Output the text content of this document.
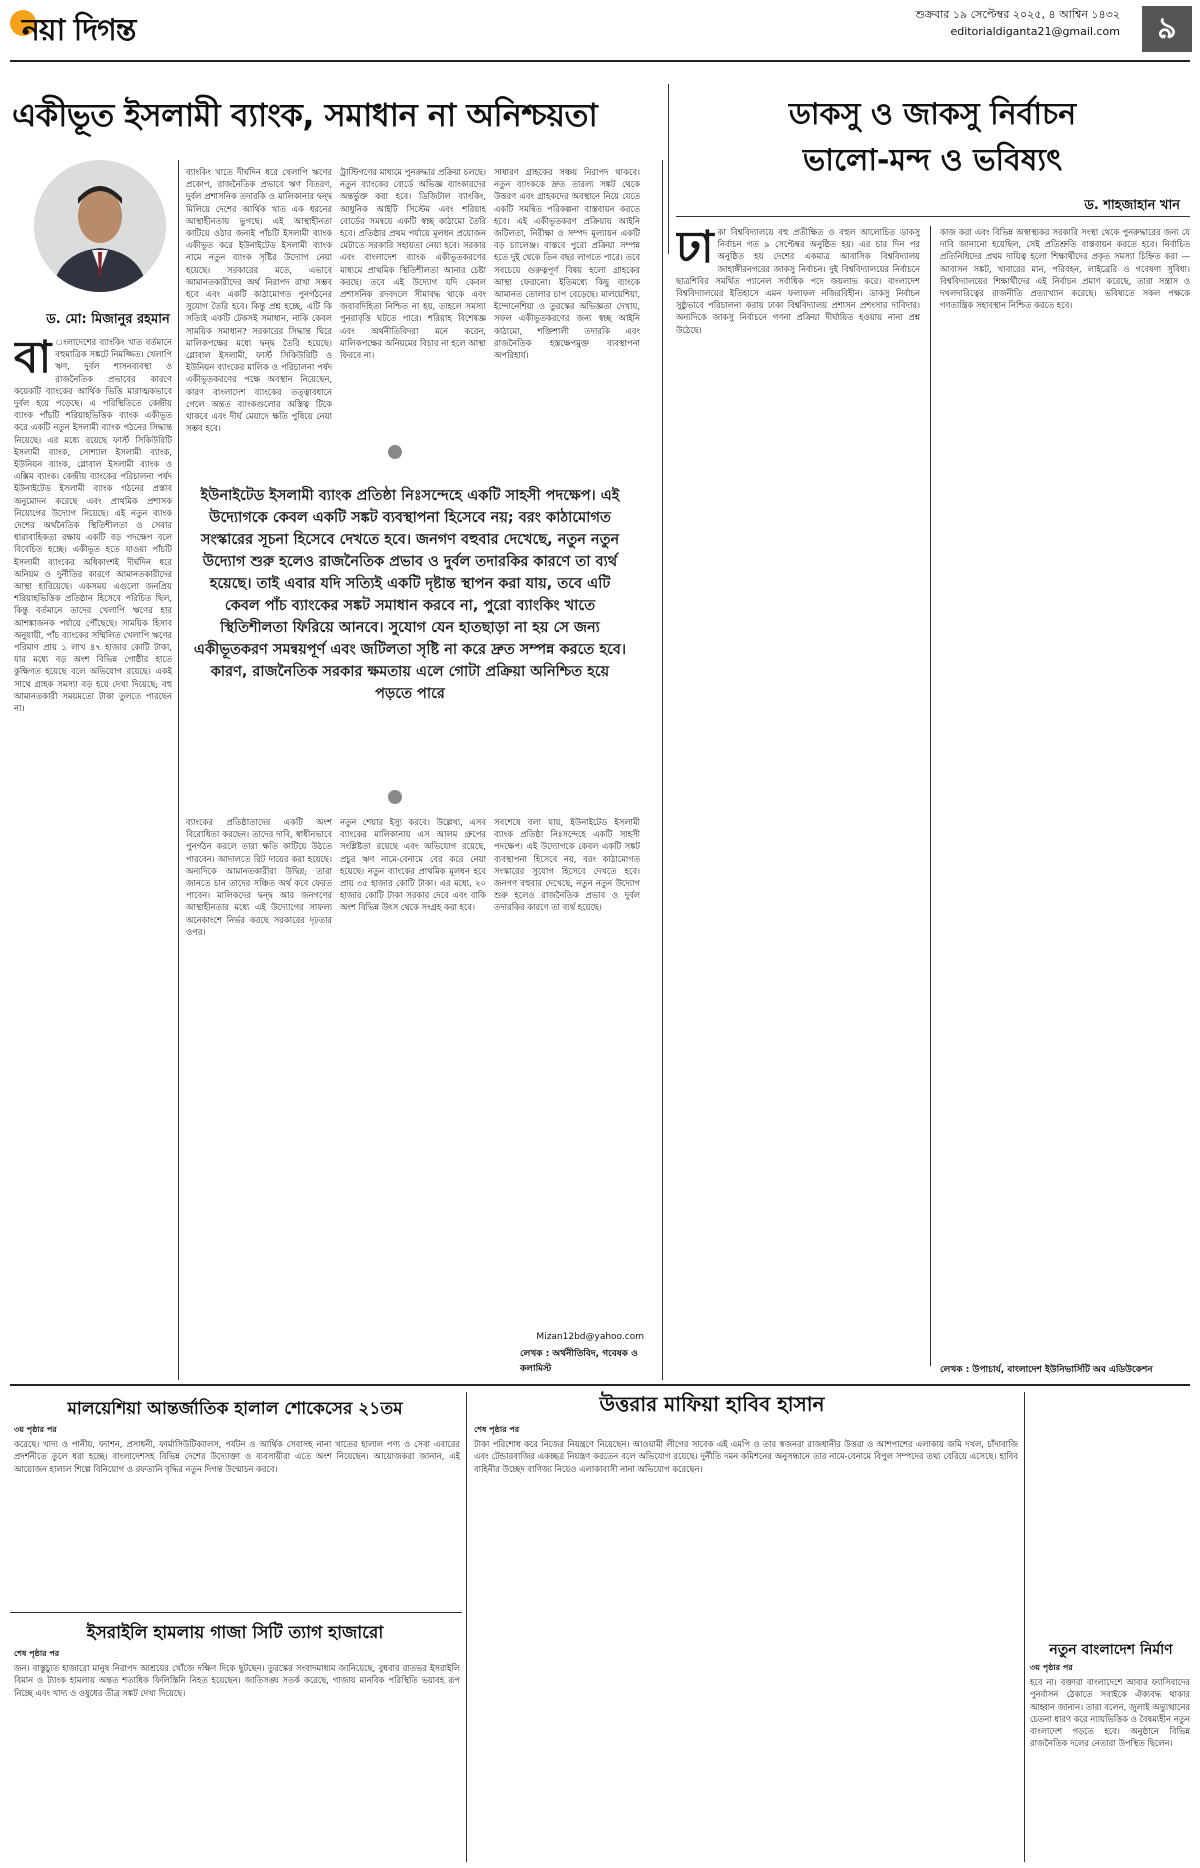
নয়া দিগন্ত	শুক্রবার ১৯ সেপ্টেম্বর ২০২৫, ৪ আশ্বিন ১৪৩২
editorialdiganta21@gmail.com	৯
একীভূত ইসলামী ব্যাংক, সমাধান না অনিশ্চয়তা
ড. মো: মিজানুর রহমান
বা ংলাদেশের ব্যাংকিং খাত বর্তমানে বহুমাত্রিক সঙ্কটে নিমজ্জিত। খেলাপি ঋণ, দুর্বল শাসনব্যবস্থা ও রাজনৈতিক প্রভাবের কারণে কয়েকটি ব্যাংকের আর্থিক ভিত্তি মারাত্মকভাবে দুর্বল হয়ে পড়েছে। এ পরিস্থিতিতে কেন্দ্রীয় ব্যাংক পাঁচটি শরিয়াহভিত্তিক ব্যাংক একীভূত করে একটি নতুন ইসলামী ব্যাংক গঠনের সিদ্ধান্ত নিয়েছে। এর মধ্যে রয়েছে ফার্স্ট সিকিউরিটি ইসলামী ব্যাংক, সোশ্যাল ইসলামী ব্যাংক, ইউনিয়ন ব্যাংক, গ্লোবাল ইসলামী ব্যাংক ও এক্সিম ব্যাংক। কেন্দ্রীয় ব্যাংকের পরিচালনা পর্ষদ ইউনাইটেড ইসলামী ব্যাংক গঠনের প্রস্তাব অনুমোদন করেছে এবং প্রাথমিক প্রশাসক নিয়োগের উদ্যোগ নিয়েছে। এই নতুন ব্যাংক দেশের অর্থনৈতিক স্থিতিশীলতা ও সেবার ধারাবাহিকতা রক্ষায় একটি বড় পদক্ষেপ বলে বিবেচিত হচ্ছে। একীভূত হতে যাওয়া পাঁচটি ইসলামী ব্যাংকের অধিকাংশই দীর্ঘদিন ধরে অনিয়ম ও দুর্নীতির কারণে আমানতকারীদের আস্থা হারিয়েছে। একসময় এগুলো জনপ্রিয় শরিয়াহভিত্তিক প্রতিষ্ঠান হিসেবে পরিচিত ছিল, কিন্তু বর্তমানে তাদের খেলাপি ঋণের হার আশঙ্কাজনক পর্যায়ে পৌঁছেছে। সাময়িক হিসাব অনুযায়ী, পাঁচ ব্যাংকের সম্মিলিত খেলাপি ঋণের পরিমাণ প্রায় ১ লাখ ৪৭ হাজার কোটি টাকা, যার মধ্যে বড় অংশ বিভিন্ন গোষ্ঠীর হাতে কুক্ষিগত হয়েছে বলে অভিযোগ রয়েছে। একই সাথে গ্রাহক সমস্যা বড় হয়ে দেখা দিয়েছে; বহু আমানতকারী সময়মতো টাকা তুলতে পারছেন না।
ব্যাংকিং খাতে দীর্ঘদিন ধরে খেলাপি ঋণের প্রকোপ, রাজনৈতিক প্রভাবে ঋণ বিতরণ, দুর্বল প্রশাসনিক তদারকি ও মালিকানার দ্বন্দ্ব মিলিয়ে দেশের আর্থিক খাত এক ধরনের আস্থাহীনতায় ভুগছে। এই আস্থাহীনতা কাটিয়ে ওঠার জন্যই পাঁচটি ইসলামী ব্যাংক একীভূত করে ইউনাইটেড ইসলামী ব্যাংক নামে নতুন ব্যাংক সৃষ্টির উদ্যোগ নেয়া হয়েছে। সরকারের মতে, এভাবে আমানতকারীদের অর্থ নিরাপদ রাখা সম্ভব হবে এবং একটি কাঠামোগত পুনর্গঠনের সুযোগ তৈরি হবে। কিন্তু প্রশ্ন হচ্ছে, এটি কি সত্যিই একটি টেকসই সমাধান, নাকি কেবল সাময়িক সমাধান? সরকারের সিদ্ধান্ত ঘিরে মালিকপক্ষের মধ্যে দ্বন্দ্ব তৈরি হয়েছে। গ্লোবাল ইসলামী, ফার্স্ট সিকিউরিটি ও ইউনিয়ন ব্যাংকের মালিক ও পরিচালনা পর্ষদ একীভূতকরণের পক্ষে অবস্থান নিয়েছেন, কারণ বাংলাদেশ ব্যাংকের তত্ত্বাবধানে গেলে অন্তত ব্যাংকগুলোর অস্তিত্ব টিকে থাকবে এবং দীর্ঘ মেয়াদে ক্ষতি পুষিয়ে নেয়া সম্ভব হবে।
ট্রাস্টিগণের মাধ্যমে পুনরুদ্ধার প্রক্রিয়া চলছে। নতুন ব্যাংকের বোর্ডে অভিজ্ঞ ব্যাংকারদের অন্তর্ভুক্ত করা হবে। ডিজিটাল ব্যাংকিং, আধুনিক আইটি সিস্টেম এবং শরিয়াহ বোর্ডের সমন্বয়ে একটি স্বচ্ছ কাঠামো তৈরি হবে। প্রতিষ্ঠার প্রথম পর্যায়ে মূলধন প্রয়োজন মেটাতে সরকারি সহায়তা নেয়া হবে। সরকার এবং বাংলাদেশ ব্যাংক একীভূতকরণের মাধ্যমে প্রাথমিক স্থিতিশীলতা আনার চেষ্টা করছে। তবে এই উদ্যোগ যদি কেবল প্রশাসনিক রদবদলে সীমাবদ্ধ থাকে এবং জবাবদিহিতা নিশ্চিত না হয়, তাহলে সমস্যা পুনরাবৃত্তি ঘটতে পারে। শরিয়াহ বিশেষজ্ঞ এবং অর্থনীতিবিদরা মনে করেন, মালিকপক্ষের অনিয়মের বিচার না হলে আস্থা ফিরবে না।
সাধারণ গ্রাহকের সঞ্চয় নিরাপদ থাকবে। নতুন ব্যাংককে দ্রুত তারল্য সঙ্কট থেকে উত্তরণ এবং গ্রাহকদের অবস্থানে নিয়ে যেতে একটি সমন্বিত পরিকল্পনা বাস্তবায়ন করতে হবে। এই একীভূতকরণ প্রক্রিয়ায় আইনি জটিলতা, নিরীক্ষা ও সম্পদ মূল্যায়ন একটি বড় চ্যালেঞ্জ। বাস্তবে পুরো প্রক্রিয়া সম্পন্ন হতে দুই থেকে তিন বছর লাগতে পারে। তবে সবচেয়ে গুরুত্বপূর্ণ বিষয় হলো গ্রাহকের আস্থা ফেরানো। ইতিমধ্যে কিছু ব্যাংকে আমানত তোলার চাপ বেড়েছে। মালয়েশিয়া, ইন্দোনেশিয়া ও তুরস্কের অভিজ্ঞতা দেখায়, সফল একীভূতকরণের জন্য স্বচ্ছ আইনি কাঠামো, শক্তিশালী তদারকি এবং রাজনৈতিক হস্তক্ষেপমুক্ত ব্যবস্থাপনা অপরিহার্য।
ইউনাইটেড ইসলামী ব্যাংক প্রতিষ্ঠা নিঃসন্দেহে একটি সাহসী পদক্ষেপ। এই উদ্যোগকে কেবল একটি সঙ্কট ব্যবস্থাপনা হিসেবে নয়; বরং কাঠামোগত সংস্কারের সূচনা হিসেবে দেখতে হবে। জনগণ বহুবার দেখেছে, নতুন নতুন উদ্যোগ শুরু হলেও রাজনৈতিক প্রভাব ও দুর্বল তদারকির কারণে তা ব্যর্থ হয়েছে। তাই এবার যদি সত্যিই একটি দৃষ্টান্ত স্থাপন করা যায়, তবে এটি কেবল পাঁচ ব্যাংকের সঙ্কট সমাধান করবে না, পুরো ব্যাংকিং খাতে স্থিতিশীলতা ফিরিয়ে আনবে। সুযোগ যেন হাতছাড়া না হয় সে জন্য একীভূতকরণ সমন্বয়পূর্ণ এবং জটিলতা সৃষ্টি না করে দ্রুত সম্পন্ন করতে হবে। কারণ, রাজনৈতিক সরকার ক্ষমতায় এলে গোটা প্রক্রিয়া অনিশ্চিত হয়ে পড়তে পারে
ব্যাংকের প্রতিষ্ঠাতাদের একটি অংশ বিরোধিতা করছেন। তাদের দাবি, স্বাধীনভাবে পুনর্গঠন করলে তারা ক্ষতি কাটিয়ে উঠতে পারবেন। আদালতে রিট দায়ের করা হয়েছে। অন্যদিকে আমানতকারীরা উদ্বিগ্ন; তারা জানতে চান তাদের সঞ্চিত অর্থ কবে ফেরত পাবেন। মালিকদের দ্বন্দ্ব আর জনগণের আস্থাহীনতার মধ্যে এই উদ্যোগের সাফল্য অনেকাংশে নির্ভর করছে সরকারের দৃঢ়তার ওপর।
নতুন শেয়ার ইস্যু করবে। উল্লেখ্য, এসব ব্যাংকের মালিকানায় এস আলম গ্রুপের সংশ্লিষ্টতা রয়েছে এবং অভিযোগ রয়েছে, প্রচুর ঋণ নামে-বেনামে বের করে নেয়া হয়েছে। নতুন ব্যাংকের প্রাথমিক মূলধন হবে প্রায় ৩৫ হাজার কোটি টাকা। এর মধ্যে, ২০ হাজার কোটি টাকা সরকার দেবে এবং বাকি অংশ বিভিন্ন উৎস থেকে সংগ্রহ করা হবে।
সবশেষে বলা যায়, ইউনাইটেড ইসলামী ব্যাংক প্রতিষ্ঠা নিঃসন্দেহে একটি সাহসী পদক্ষেপ। এই উদ্যোগকে কেবল একটি সঙ্কট ব্যবস্থাপনা হিসেবে নয়, বরং কাঠামোগত সংস্কারের সুযোগ হিসেবে দেখতে হবে। জনগণ বহুবার দেখেছে, নতুন নতুন উদ্যোগ শুরু হলেও রাজনৈতিক প্রভাব ও দুর্বল তদারকির কারণে তা ব্যর্থ হয়েছে।
Mizan12bd@yahoo.com
লেখক : অর্থনীতিবিদ, গবেষক ও কলামিস্ট
ডাকসু ও জাকসু নির্বাচন
ভালো-মন্দ ও ভবিষ্যৎ
ড. শাহজাহান খান
ঢা কা বিশ্ববিদ্যালয়ে বহু প্রতীক্ষিত ও বহুল আলোচিত ডাকসু নির্বাচন গত ৯ সেপ্টেম্বর অনুষ্ঠিত হয়। এর চার দিন পর অনুষ্ঠিত হয় দেশের একমাত্র আবাসিক বিশ্ববিদ্যালয় জাহাঙ্গীরনগরের জাকসু নির্বাচন। দুই বিশ্ববিদ্যালয়ের নির্বাচনে ছাত্রশিবির সমর্থিত প্যানেল সর্বাধিক পদে জয়লাভ করে। বাংলাদেশ বিশ্ববিদ্যালয়ের ইতিহাসে এমন ফলাফল নজিরবিহীন। ডাকসু নির্বাচন সুষ্ঠুভাবে পরিচালনা করায় ঢাকা বিশ্ববিদ্যালয় প্রশাসন প্রশংসার দাবিদার। অন্যদিকে জাকসু নির্বাচনে গণনা প্রক্রিয়া দীর্ঘায়িত হওয়ায় নানা প্রশ্ন উঠেছে।
কাজ করা এবং বিভিন্ন অস্বাস্থ্যকর সরকারি সংস্থা থেকে পুনরুদ্ধারের জন্য যে দাবি জানানো হয়েছিল, সেই প্রতিশ্রুতি বাস্তবায়ন করতে হবে। নির্বাচিত প্রতিনিধিদের প্রথম দায়িত্ব হলো শিক্ষার্থীদের প্রকৃত সমস্যা চিহ্নিত করা — আবাসন সঙ্কট, খাবারের মান, পরিবহন, লাইব্রেরি ও গবেষণা সুবিধা। বিশ্ববিদ্যালয়ের শিক্ষার্থীদের এই নির্বাচন প্রমাণ করেছে, তারা সন্ত্রাস ও দখলদারিত্বের রাজনীতি প্রত্যাখ্যান করেছে। ভবিষ্যতে সকল পক্ষকে গণতান্ত্রিক সহাবস্থান নিশ্চিত করতে হবে।
লেখক : উপাচার্য, বাংলাদেশ ইউনিভার্সিটি অব এডিউকেশন
মালয়েশিয়া আন্তর্জাতিক হালাল শোকেসের ২১তম
৩য় পৃষ্ঠার পর
করেছে। খাদ্য ও পানীয়, ফ্যাশন, প্রসাধনী, ফার্মাসিউটিক্যালস, পর্যটন ও আর্থিক সেবাসহ নানা খাতের হালাল পণ্য ও সেবা এবারের প্রদর্শনীতে তুলে ধরা হচ্ছে। বাংলাদেশসহ বিভিন্ন দেশের উদ্যোক্তা ও ব্যবসায়ীরা এতে অংশ নিয়েছেন। আয়োজকরা জানান, এই আয়োজন হালাল শিল্পে বিনিয়োগ ও রফতানি বৃদ্ধির নতুন দিগন্ত উন্মোচন করবে।
ইসরাইলি হামলায় গাজা সিটি ত্যাগ হাজারো
শেষ পৃষ্ঠার পর
জন। বাস্তুচ্যুত হাজারো মানুষ নিরাপদ আশ্রয়ের খোঁজে দক্ষিণ দিকে ছুটছেন। তুরস্কের সংবাদমাধ্যম জানিয়েছে, বুধবার রাতভর ইসরাইলি বিমান ও ট্যাংক হামলায় অন্তত শতাধিক ফিলিস্তিনি নিহত হয়েছেন। জাতিসঙ্ঘ সতর্ক করেছে, গাজায় মানবিক পরিস্থিতি ভয়াবহ রূপ নিচ্ছে এবং খাদ্য ও ওষুধের তীব্র সঙ্কট দেখা দিয়েছে।
উত্তরার মাফিয়া হাবিব হাসান
শেষ পৃষ্ঠার পর
টাকা পরিশোধ করে নিজের নিয়ন্ত্রণে নিয়েছেন। আওয়ামী লীগের সাবেক এই এমপি ও তার স্বজনরা রাজধানীর উত্তরা ও আশপাশের এলাকায় জমি দখল, চাঁদাবাজি এবং টেন্ডারবাজির একচ্ছত্র নিয়ন্ত্রণ করতেন বলে অভিযোগ রয়েছে। দুর্নীতি দমন কমিশনের অনুসন্ধানে তার নামে-বেনামে বিপুল সম্পদের তথ্য বেরিয়ে এসেছে। হাবিব বাহিনীর উচ্ছেদ বাণিজ্য নিয়েও এলাকাবাসী নানা অভিযোগ করেছেন।
নতুন বাংলাদেশ নির্মাণ
৩য় পৃষ্ঠার পর
হবে না। বক্তারা বাংলাদেশে আবার ফ্যাসিবাদের পুনর্বাসন ঠেকাতে সবাইকে ঐক্যবদ্ধ থাকার আহ্বান জানান। তারা বলেন, জুলাই অভ্যুত্থানের চেতনা ধারণ করে ন্যায়ভিত্তিক ও বৈষম্যহীন নতুন বাংলাদেশ গড়তে হবে। অনুষ্ঠানে বিভিন্ন রাজনৈতিক দলের নেতারা উপস্থিত ছিলেন।
